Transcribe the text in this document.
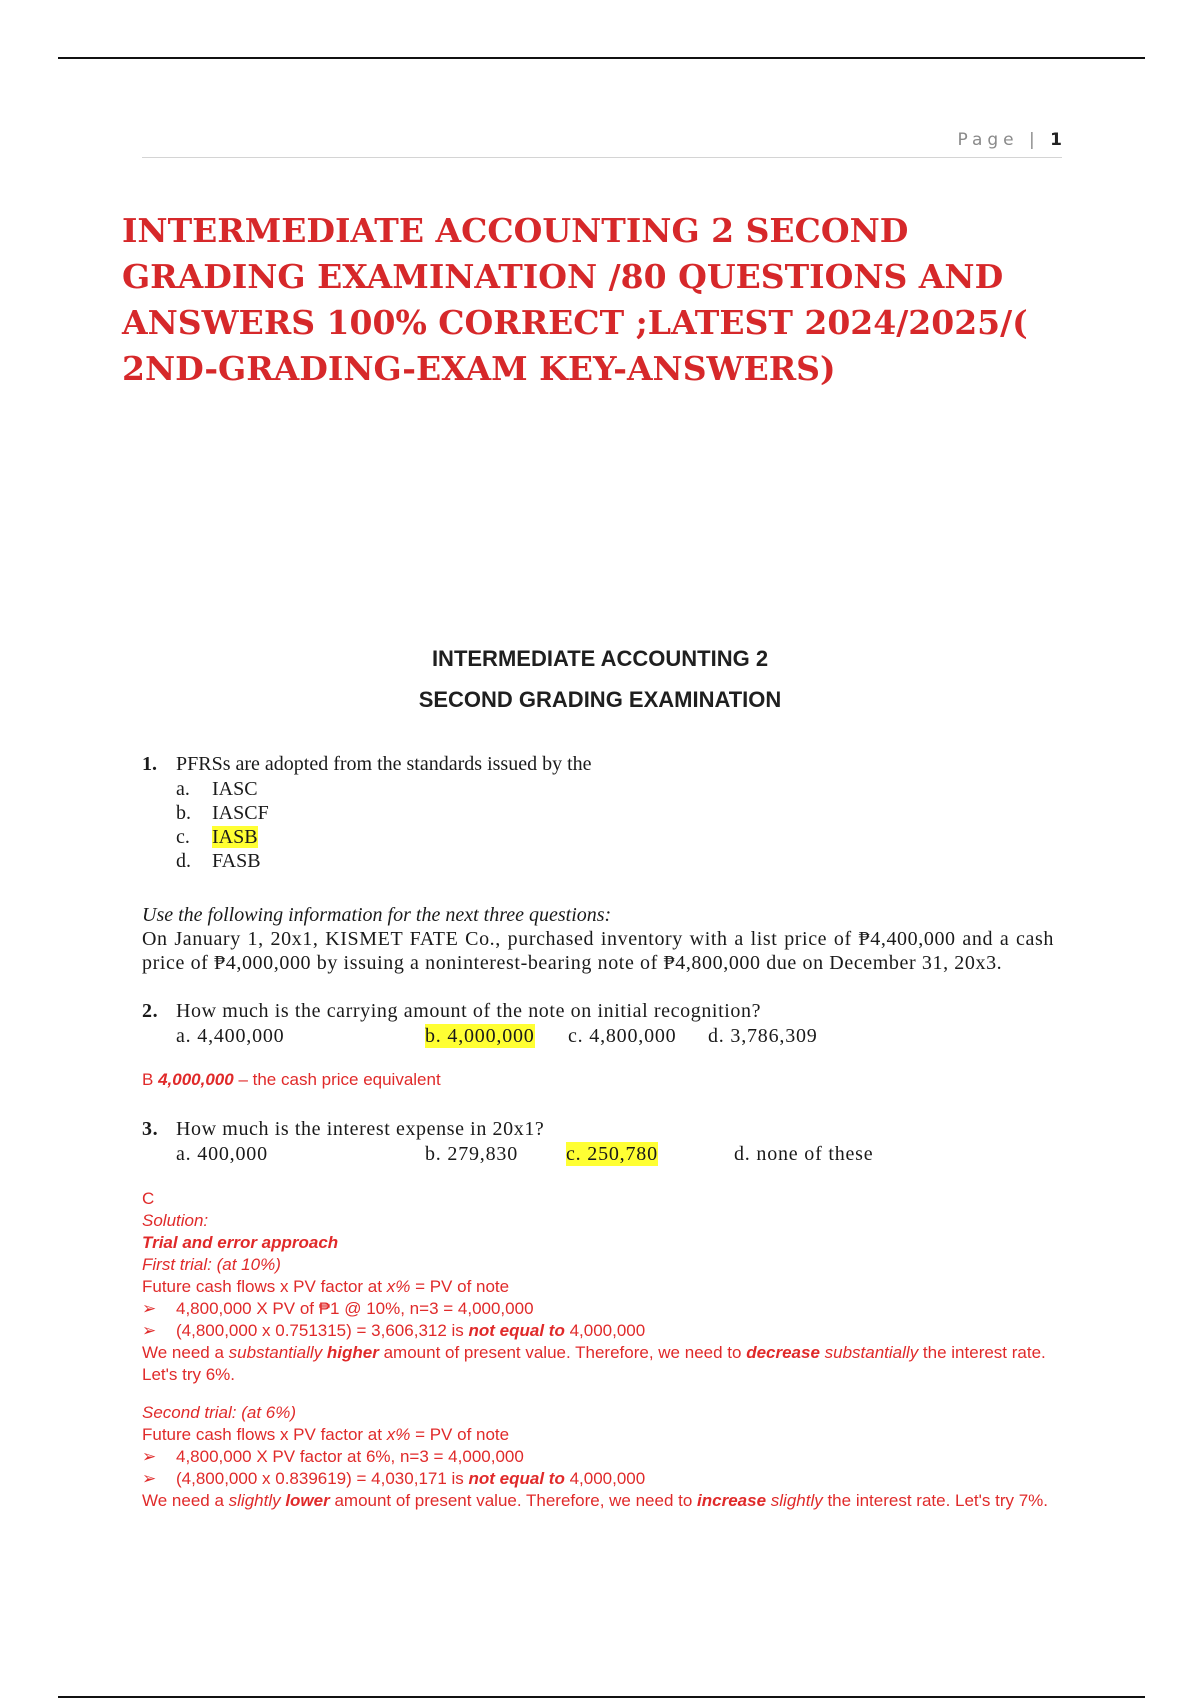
Page | 1
INTERMEDIATE ACCOUNTING 2 SECOND GRADING EXAMINATION /80 QUESTIONS AND ANSWERS 100% CORRECT ;LATEST 2024/2025/( 2ND-GRADING-EXAM KEY-ANSWERS)
INTERMEDIATE ACCOUNTING 2
SECOND GRADING EXAMINATION

1. PFRSs are adopted from the standards issued by the

a. IASC
b. IASCF
c. IASB
d. FASB

Use the following information for the next three questions:

On January 1, 20x1, KISMET FATE Co., purchased inventory with a list price of ₱4,400,000 and a cash price of ₱4,000,000 by issuing a noninterest-bearing note of ₱4,800,000 due on December 31, 20x3.

2. How much is the carrying amount of the note on initial recognition?

a. 4,400,000	b. 4,000,000 c. 4,800,000 d. 3,786,309

B 4,000,000 – the cash price equivalent

3. How much is the interest expense in 20x1?

a. 400,000	b. 279,830 c. 250,780	d. none of these

C

Solution:

Trial and error approach

First trial: (at 10%)

Future cash flows x PV factor at x% = PV of note

➢ 4,800,000 X PV of ₱1 @ 10%, n=3 = 4,000,000

➢ (4,800,000 x 0.751315) = 3,606,312 is not equal to 4,000,000

We need a substantially higher amount of present value. Therefore, we need to decrease substantially the interest rate. Let's try 6%.

Second trial: (at 6%)

Future cash flows x PV factor at x% = PV of note

➢ 4,800,000 X PV factor at 6%, n=3 = 4,000,000

➢ (4,800,000 x 0.839619) = 4,030,171 is not equal to 4,000,000

We need a slightly lower amount of present value. Therefore, we need to increase slightly the interest rate. Let's try 7%.
